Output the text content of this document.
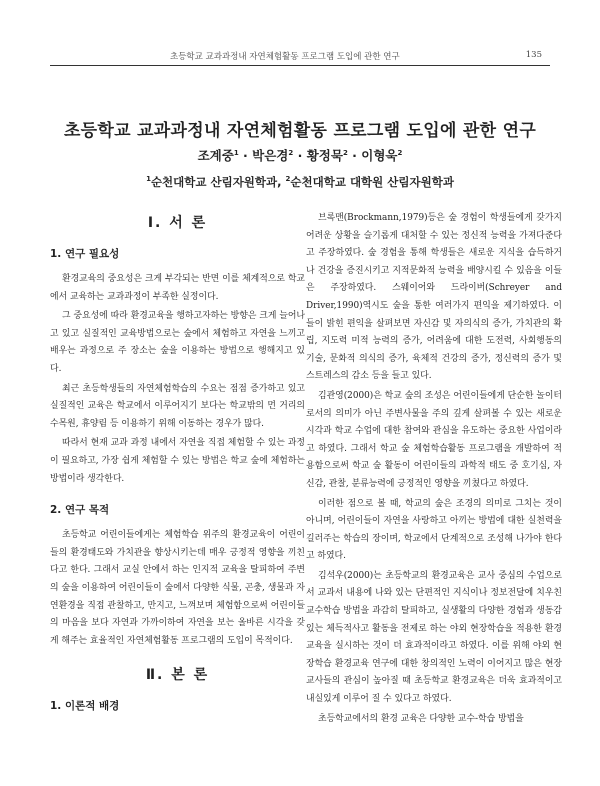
초등학교 교과과정내 자연체험활동 프로그램 도입에 관한 연구	135
초등학교 교과과정내 자연체험활동 프로그램 도입에 관한 연구
조계중$^1$ · 박은경$^2$ · 황정묵$^2$ · 이형욱$^2$
$^1$순천대학교 산림자원학과, $^2$순천대학교 대학원 산림자원학과
Ⅰ. 서 론
1. 연구 필요성

환경교육의 중요성은 크게 부각되는 반면 이를 체계적으로 학교에서 교육하는 교과과정이 부족한 실정이다.

그 중요성에 따라 환경교육을 행하고자하는 방향은 크게 늘어나고 있고 실질적인 교육방법으로는 숲에서 체험하고 자연을 느끼고 배우는 과정으로 주 장소는 숲을 이용하는 방법으로 행해지고 있다.

최근 초등학생들의 자연체험학습의 수요는 점점 증가하고 있고 실질적인 교육은 학교에서 이루어지기 보다는 학교밖의 먼 거리의 수목원, 휴양림 등 이용하기 위해 이동하는 경우가 많다.

따라서 현재 교과 과정 내에서 자연을 직접 체험할 수 있는 과정이 필요하고, 가장 쉽게 체험할 수 있는 방법은 학교 숲에 체험하는 방법이라 생각한다.

2. 연구 목적

초등학교 어린이들에게는 체험학습 위주의 환경교육이 어린이들의 환경태도와 가치관을 향상시키는데 매우 긍정적 영향을 끼친다고 한다. 그래서 교실 안에서 하는 인지적 교육을 탈피하여 주변의 숲을 이용하여 어린이들이 숲에서 다양한 식물, 곤충, 생물과 자연환경을 직접 관찰하고, 만지고, 느껴보며 체험함으로써 어린이들의 마음을 보다 자연과 가까이하여 자연을 보는 올바른 시각을 갖게 해주는 효율적인 자연체험활동 프로그램의 도입이 목적이다.

Ⅱ. 본 론
1. 이론적 배경

브록맨(Brockmann,1979)등은 숲 경험이 학생들에게 갖가지 어려운 상황을 슬기롭게 대처할 수 있는 정신적 능력을 가져다준다고 주장하였다. 숲 경험을 통해 학생들은 새로운 지식을 습득하거나 건강을 증진시키고 지적문화적 능력을 배양시킬 수 있음을 이들은 주장하였다. 스웨이어와 드라이버(Schreyer and Driver,1990)역시도 숲을 통한 여러가지 편익을 제기하였다. 이들이 밝힌 편익을 살펴보면 자신감 및 자의식의 증가, 가치관의 확립, 지도력 미적 능력의 증가, 어려움에 대한 도전력, 사회행동의 기술, 문화적 의식의 증가, 육체적 건강의 증가, 정신력의 증가 및 스트레스의 감소 등을 들고 있다.

김관영(2000)은 학교 숲의 조성은 어린이들에게 단순한 놀이터로서의 의미가 아닌 주변사물을 주의 깊게 살펴볼 수 있는 새로운 시각과 학교 수업에 대한 참여와 관심을 유도하는 중요한 사업이라고 하였다. 그래서 학교 숲 체험학습활동 프로그램을 개발하여 적용함으로써 학교 숲 활동이 어린이들의 과학적 태도 중 호기심, 자신감, 관찰, 분류능력에 긍정적인 영향을 끼쳤다고 하였다.

이러한 점으로 볼 때, 학교의 숲은 조경의 의미로 그치는 것이 아니며, 어린이들이 자연을 사랑하고 아끼는 방법에 대한 실천력을 길러주는 학습의 장이며, 학교에서 단계적으로 조성해 나가야 한다고 하였다.

김석우(2000)는 초등학교의 환경교육은 교사 중심의 수업으로서 교과서 내용에 나와 있는 단편적인 지식이나 정보전달에 치우친 교수학습 방법을 과감히 탈피하고, 실생활의 다양한 경험과 생동감 있는 체득적사고 활동을 전제로 하는 야외 현장학습을 적용한 환경교육을 실시하는 것이 더 효과적이라고 하였다. 이를 위해 야외 현장학습 환경교육 연구에 대한 창의적인 노력이 이어지고 많은 현장 교사들의 관심이 높아질 때 초등학교 환경교육은 더욱 효과적이고 내실있게 이루어 질 수 있다고 하였다.

초등학교에서의 환경 교육은 다양한 교수-학습 방법을
